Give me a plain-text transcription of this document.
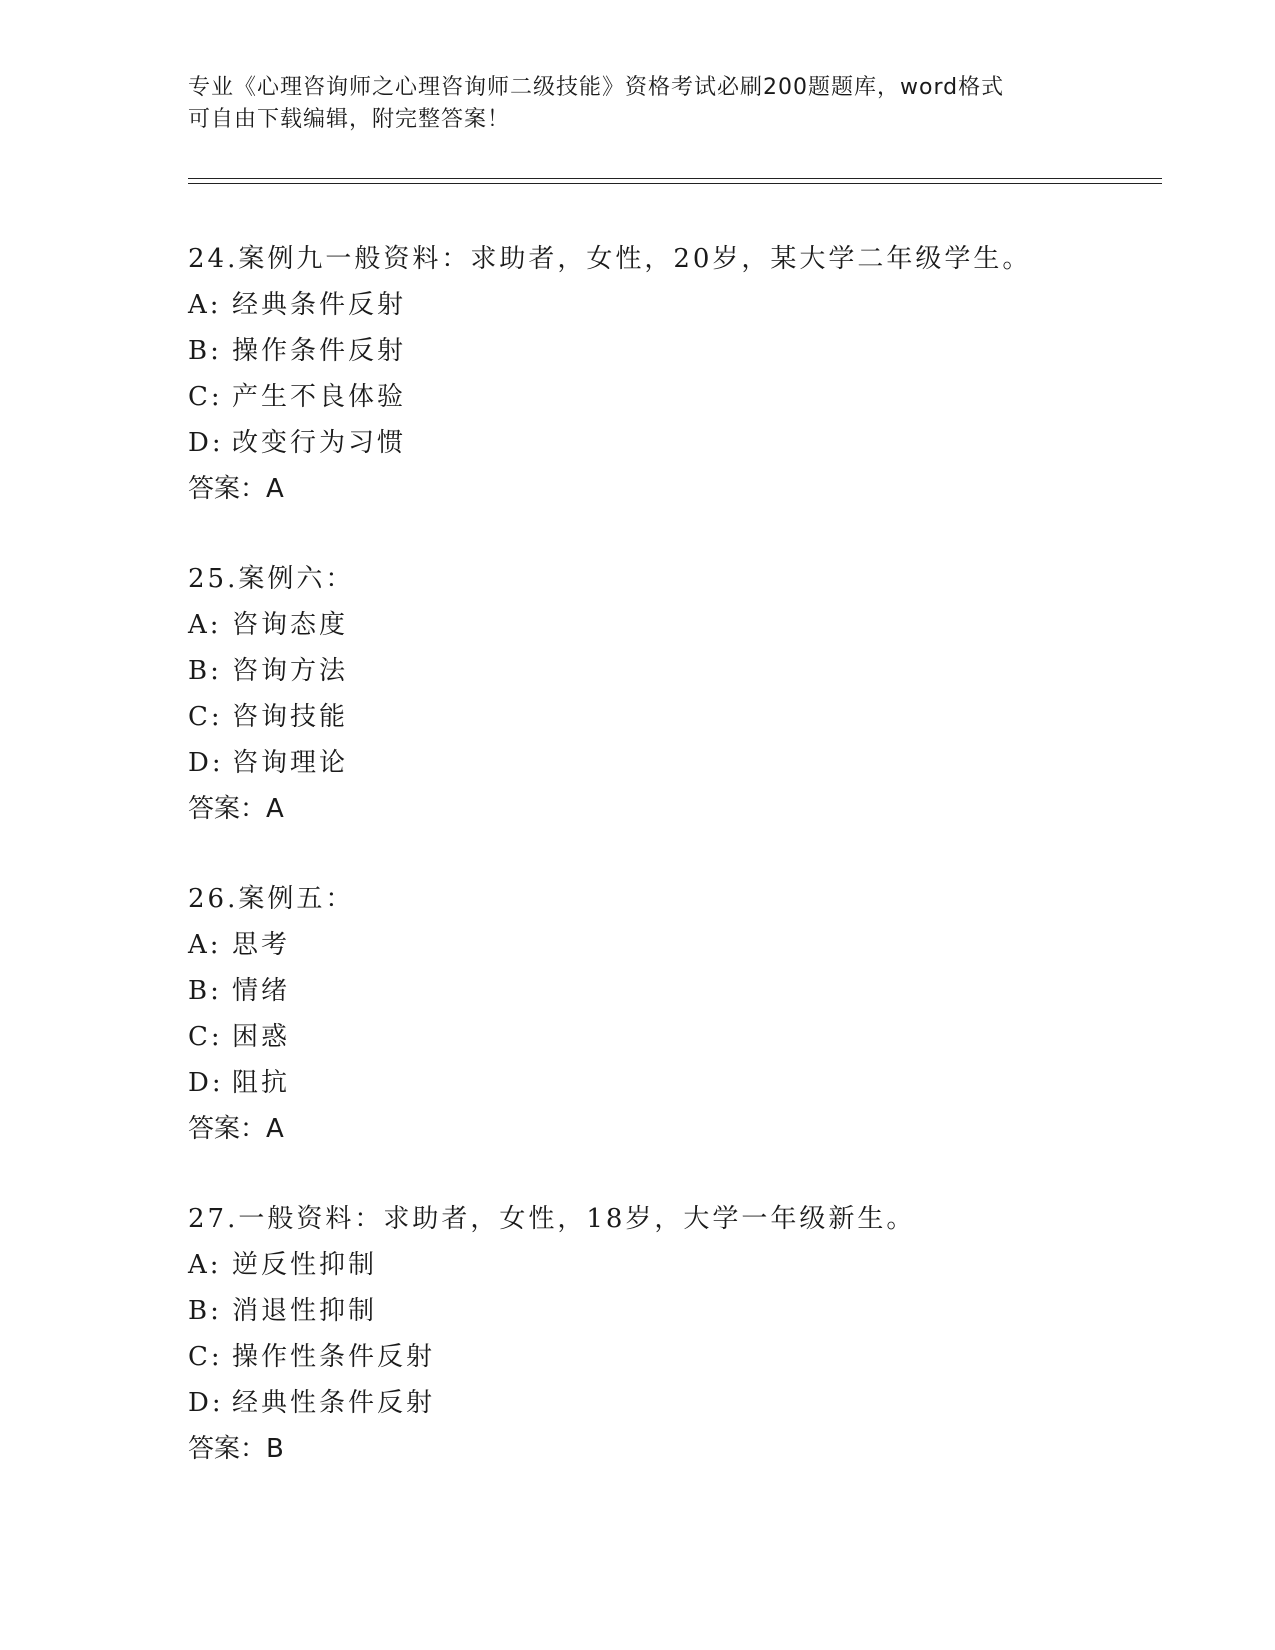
专业《心理咨询师之心理咨询师二级技能》资格考试必刷200题题库，word格式
可自由下载编辑，附完整答案！
24.案例九一般资料：求助者，女性，20岁，某大学二年级学生。
A: 经典条件反射
B: 操作条件反射
C: 产生不良体验
D: 改变行为习惯
答案：A
25.案例六：
A: 咨询态度
B: 咨询方法
C: 咨询技能
D: 咨询理论
答案：A
26.案例五：
A: 思考
B: 情绪
C: 困惑
D: 阻抗
答案：A
27.一般资料：求助者，女性，18岁，大学一年级新生。
A: 逆反性抑制
B: 消退性抑制
C: 操作性条件反射
D: 经典性条件反射
答案：B
